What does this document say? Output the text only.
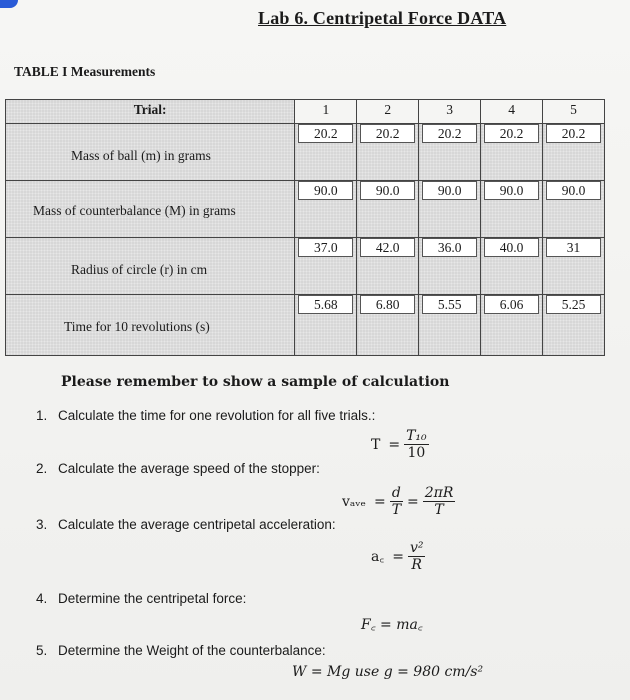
Lab 6. Centripetal Force DATA
TABLE I Measurements
Trial:	1	2	3	4	5

Mass of ball (m) in grams	20.2	20.2	20.2	20.2	20.2

Mass of counterbalance (M) in grams	90.0	90.0	90.0	90.0	90.0

Radius of circle (r) in cm	37.0	42.0	36.0	40.0	31

Time for 10 revolutions (s)	5.68	6.80	5.55	6.06	5.25
Please remember to show a sample of calculation
1. Calculate the time for one revolution for all five trials.:
$T = \frac{\text{T₁₀}}{10}$
2. Calculate the average speed of the stopper:
vₐᵥₑ = $\frac{d}{T} = \frac{2\pi R}{T}$
3. Calculate the average centripetal acceleration:
a꜀ = $\frac{\text{v²}}{R}$
4. Determine the centripetal force:
F꜀ = ma꜀
5. Determine the Weight of the counterbalance:
W = Mg use g = 980 cm/s²
